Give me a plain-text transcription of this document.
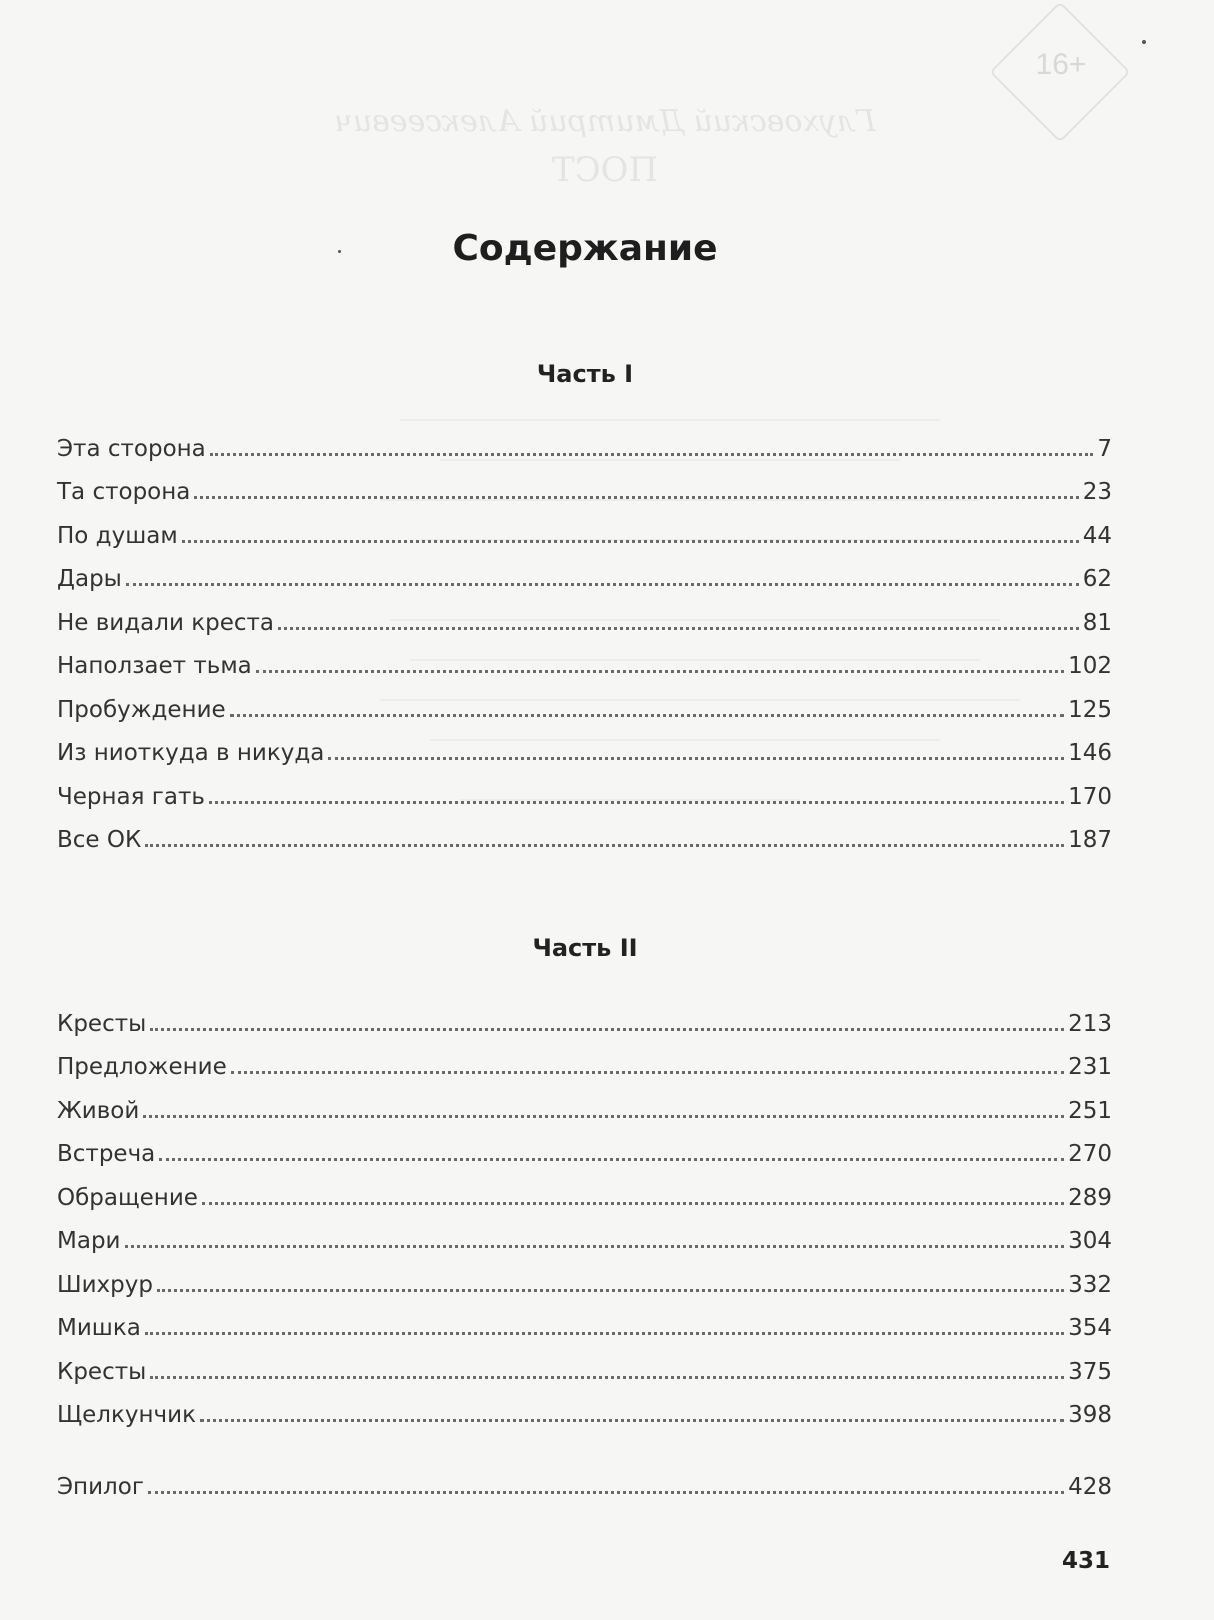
16+
Глуховский Дмитрий Алексеевич
ПОСТ
Содержание
Часть I
Эта сторона	7
Та сторона	23
По душам	44
Дары	62
Не видали креста	81
Наползает тьма	102
Пробуждение	125
Из ниоткуда в никуда	146
Черная гать	170
Все ОК	187
Часть II
Кресты	213
Предложение	231
Живой	251
Встреча	270
Обращение	289
Мари	304
Шихрур	332
Мишка	354
Кресты	375
Щелкунчик	398
Эпилог	428
431
